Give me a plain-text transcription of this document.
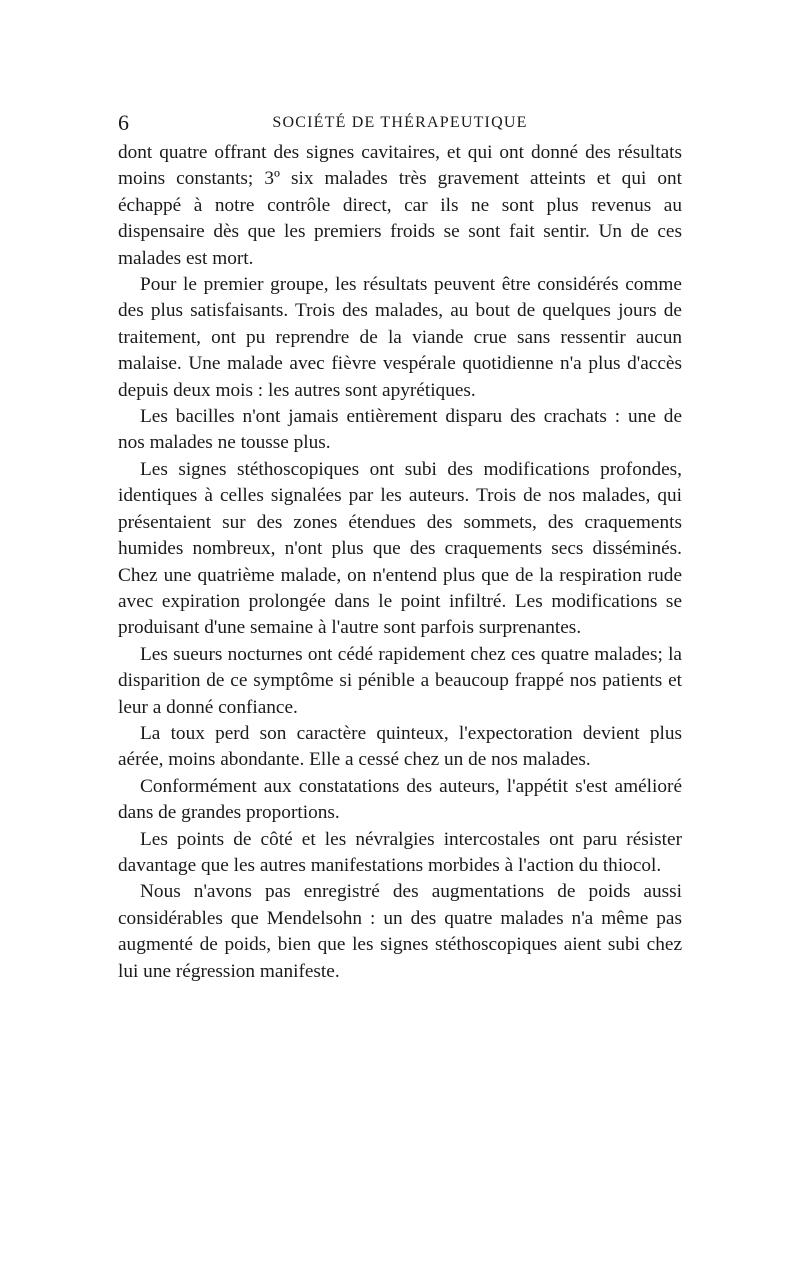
6	SOCIÉTÉ DE THÉRAPEUTIQUE

dont quatre offrant des signes cavitaires, et qui ont donné des résultats moins constants; 3º six malades très gravement atteints et qui ont échappé à notre contrôle direct, car ils ne sont plus revenus au dispensaire dès que les premiers froids se sont fait sentir. Un de ces malades est mort.

Pour le premier groupe, les résultats peuvent être considérés comme des plus satisfaisants. Trois des malades, au bout de quelques jours de traitement, ont pu reprendre de la viande crue sans ressentir aucun malaise. Une malade avec fièvre vespérale quotidienne n'a plus d'accès depuis deux mois : les autres sont apyrétiques.

Les bacilles n'ont jamais entièrement disparu des crachats : une de nos malades ne tousse plus.

Les signes stéthoscopiques ont subi des modifications profondes, identiques à celles signalées par les auteurs. Trois de nos malades, qui présentaient sur des zones étendues des sommets, des craquements humides nombreux, n'ont plus que des craquements secs disséminés. Chez une quatrième malade, on n'entend plus que de la respiration rude avec expiration prolongée dans le point infiltré. Les modifications se produisant d'une semaine à l'autre sont parfois surprenantes.

Les sueurs nocturnes ont cédé rapidement chez ces quatre malades; la disparition de ce symptôme si pénible a beaucoup frappé nos patients et leur a donné confiance.

La toux perd son caractère quinteux, l'expectoration devient plus aérée, moins abondante. Elle a cessé chez un de nos malades.

Conformément aux constatations des auteurs, l'appétit s'est amélioré dans de grandes proportions.

Les points de côté et les névralgies intercostales ont paru résister davantage que les autres manifestations morbides à l'action du thiocol.

Nous n'avons pas enregistré des augmentations de poids aussi considérables que Mendelsohn : un des quatre malades n'a même pas augmenté de poids, bien que les signes stéthoscopiques aient subi chez lui une régression manifeste.
